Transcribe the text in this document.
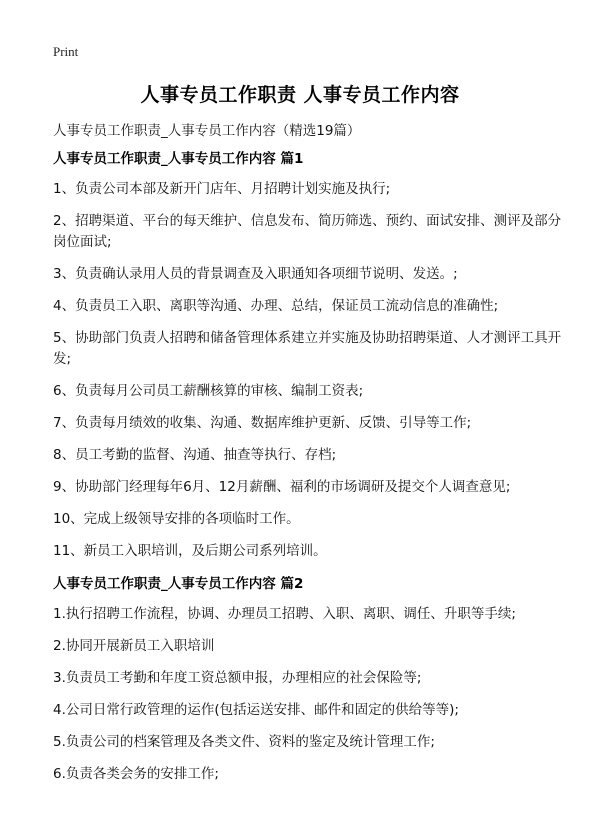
Print
人事专员工作职责 人事专员工作内容
人事专员工作职责_人事专员工作内容（精选19篇）
人事专员工作职责_人事专员工作内容 篇1

1、负责公司本部及新开门店年、月招聘计划实施及执行;

2、招聘渠道、平台的每天维护、信息发布、简历筛选、预约、面试安排、测评及部分岗位面试;

3、负责确认录用人员的背景调查及入职通知各项细节说明、发送。;

4、负责员工入职、离职等沟通、办理、总结，保证员工流动信息的准确性;

5、协助部门负责人招聘和储备管理体系建立并实施及协助招聘渠道、人才测评工具开发;

6、负责每月公司员工薪酬核算的审核、编制工资表;

7、负责每月绩效的收集、沟通、数据库维护更新、反馈、引导等工作;

8、员工考勤的监督、沟通、抽查等执行、存档;

9、协助部门经理每年6月、12月薪酬、福利的市场调研及提交个人调查意见;

10、完成上级领导安排的各项临时工作。

11、新员工入职培训，及后期公司系列培训。

人事专员工作职责_人事专员工作内容 篇2

1.执行招聘工作流程，协调、办理员工招聘、入职、离职、调任、升职等手续;

2.协同开展新员工入职培训

3.负责员工考勤和年度工资总额申报，办理相应的社会保险等;

4.公司日常行政管理的运作(包括运送安排、邮件和固定的供给等等);

5.负责公司的档案管理及各类文件、资料的鉴定及统计管理工作;

6.负责各类会务的安排工作;
